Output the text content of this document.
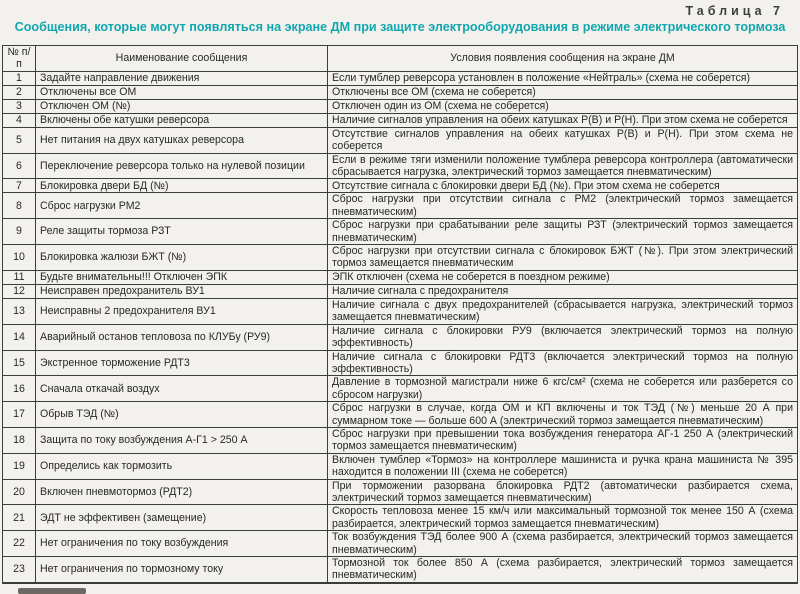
Таблица 7
Сообщения, которые могут появляться на экране ДМ при защите электрооборудования в режиме электрического тормоза
№ п/п	Наименование сообщения	Условия появления сообщения на экране ДМ
1	Задайте направление движения	Если тумблер реверсора установлен в положение «Нейтраль» (схема не соберется)
2	Отключены все ОМ	Отключены все ОМ (схема не соберется)
3	Отключен ОМ (№)	Отключен один из ОМ (схема не соберется)
4	Включены обе катушки реверсора	Наличие сигналов управления на обеих катушках Р(В) и Р(Н). При этом схема не соберется
5	Нет питания на двух катушках реверсора	Отсутствие сигналов управления на обеих катушках Р(В) и Р(Н). При этом схема не соберется
6	Переключение реверсора только на нулевой позиции	Если в режиме тяги изменили положение тумблера реверсора контроллера (автоматически сбрасывается нагрузка, электрический тормоз замещается пневматическим)
7	Блокировка двери БД (№)	Отсутствие сигнала с блокировки двери БД (№). При этом схема не соберется
8	Сброс нагрузки РМ2	Сброс нагрузки при отсутствии сигнала с РМ2 (электрический тормоз замещается пневматическим)
9	Реле защиты тормоза РЗТ	Сброс нагрузки при срабатывании реле защиты РЗТ (электрический тормоз замещается пневматическим)
10	Блокировка жалюзи БЖТ (№)	Сброс нагрузки при отсутствии сигнала с блокировок БЖТ (№). При этом электрический тормоз замещается пневматическим
11	Будьте внимательны!!! Отключен ЭПК	ЭПК отключен (схема не соберется в поездном режиме)
12	Неисправен предохранитель ВУ1	Наличие сигнала с предохранителя
13	Неисправны 2 предохранителя ВУ1	Наличие сигнала с двух предохранителей (сбрасывается нагрузка, электрический тормоз замещается пневматическим)
14	Аварийный останов тепловоза по КЛУБу (РУ9)	Наличие сигнала с блокировки РУ9 (включается электрический тормоз на полную эффективность)
15	Экстренное торможение РДТ3	Наличие сигнала с блокировки РДТ3 (включается электрический тормоз на полную эффективность)
16	Сначала откачай воздух	Давление в тормозной магистрали ниже 6 кгс/см² (схема не соберется или разберется со сбросом нагрузки)
17	Обрыв ТЭД (№)	Сброс нагрузки в случае, когда ОМ и КП включены и ток ТЭД (№) меньше 20 А при суммарном токе — больше 600 А (электрический тормоз замещается пневматическим)
18	Защита по току возбуждения А-Г1 > 250 А	Сброс нагрузки при превышении тока возбуждения генератора АГ-1 250 А (электрический тормоз замещается пневматическим)
19	Определись как тормозить	Включен тумблер «Тормоз» на контроллере машиниста и ручка крана машиниста № 395 находится в положении III (схема не соберется)
20	Включен пневмотормоз (РДТ2)	При торможении разорвана блокировка РДТ2 (автоматически разбирается схема, электрический тормоз замещается пневматическим)
21	ЭДТ не эффективен (замещение)	Скорость тепловоза менее 15 км/ч или максимальный тормозной ток менее 150 А (схема разбирается, электрический тормоз замещается пневматическим)
22	Нет ограничения по току возбуждения	Ток возбуждения ТЭД более 900 А (схема разбирается, электрический тормоз замещается пневматическим)
23	Нет ограничения по тормозному току	Тормозной ток более 850 А (схема разбирается, электрический тормоз замещается пневматическим)
